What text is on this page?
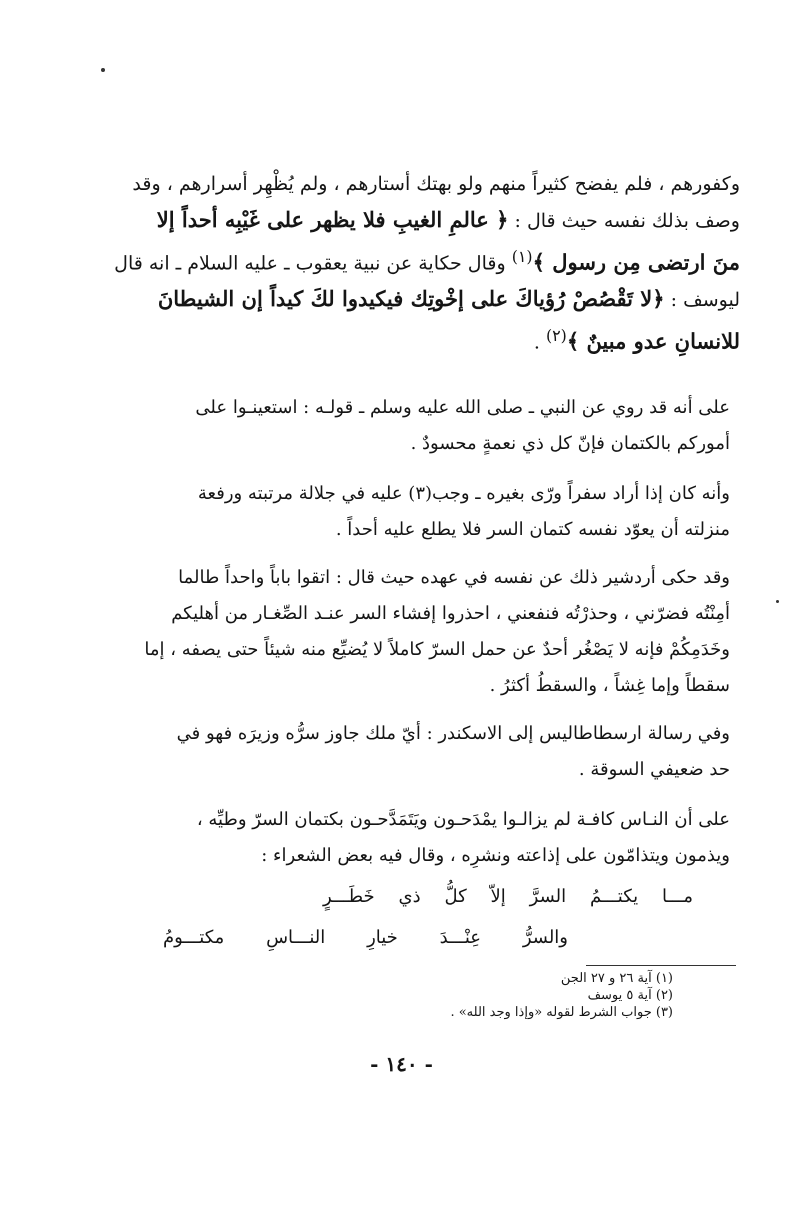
وكفورهم ، فلم يفضح كثيراً منهم ولو بهتك أستارهم ، ولم يُظْهِر أسرارهم ، وقد
وصف بذلك نفسه حيث قال : ﴿ عالمِ الغيبِ فلا يظهر على غَيْبِه أحداً إلا
منَ ارتضى مِن رسول ﴾$^{(١)}$ وقال حكاية عن نبية يعقوب ـ عليه السلام ـ انه قال
ليوسف : ﴿لا تَقْصُصْ رُؤياكَ على إخْوتِك فيكيدوا لكَ كيداً إن الشيطانَ
للانسانِ عدو مبينٌ ﴾$^{(٢)}$ .
على أنه قد روي عن النبي ـ صلى الله عليه وسلم ـ قولـه : استعينـوا على
أموركم بالكتمان فإنّ كل ذي نعمةٍ محسودٌ .
وأنه كان إذا أراد سفراً ورّى بغيره ـ وجب(٣) عليه في جلالة مرتبته ورفعة
منزلته أن يعوّد نفسه كتمان السر فلا يطلع عليه أحداً .
وقد حكى أردشير ذلك عن نفسه في عهده حيث قال : اتقوا باباً واحداً طالما
أمِنْتُه فضرّني ، وحذرْتُه فنفعني ، احذروا إفشاء السر عنـد الصِّغـار من أهليكم
وخَدَمِكُمْ فإنه لا يَصْغُر أحدٌ عن حمل السرّ كاملاً لا يُضيِّع منه شيئاً حتى يصفه ، إما
سقطاً وإما غِشاً ، والسقطُ أكثرُ .
وفي رسالة ارسطاطاليس إلى الاسكندر : أيّ ملك جاوز سرُّه وزيرَه فهو في
حد ضعيفي السوقة .
على أن النـاس كافـة لم يزالـوا يمْدَحـون ويَتَمَدَّحـون بكتمان السرّ وطيِّه ،
ويذمون ويتذامّون على إذاعته ونشرِه ، وقال فيه بعض الشعراء :
مـــا يكتـــمُ السرَّ إلاّ كلُّ ذي خَطَـــرٍ
والسرُّ عِنْـــدَ خيارِ النـــاسِ مكتـــومُ
(١) آية ٢٦ و ٢٧ الجن
(٢) آية ٥ يوسف
(٣) جواب الشرط لقوله «وإذا وجد الله» .
- ١٤٠ -
